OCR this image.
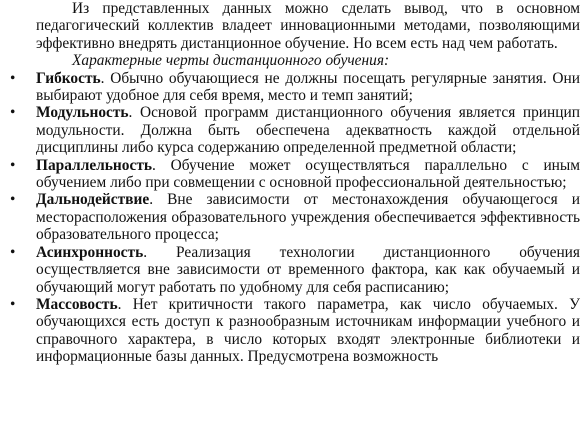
Из представленных данных можно сделать вывод, что в основном педагогический коллектив владеет инновационными методами, позволяющими эффективно внедрять дистанционное обучение. Но всем есть над чем работать.

Характерные черты дистанционного обучения:

• Гибкость. Обычно обучающиеся не должны посещать регулярные занятия. Они выбирают удобное для себя время, место и темп занятий;
• Модульность. Основой программ дистанционного обучения является принцип модульности. Должна быть обеспечена адекватность каждой отдельной дисциплины либо курса содержанию определенной предметной области;
• Параллельность. Обучение может осуществляться параллельно с иным обучением либо при совмещении с основной профессиональной деятельностью;
• Дальнодействие. Вне зависимости от местонахождения обучающегося и месторасположения образовательного учреждения обеспечивается эффективность образовательного процесса;
• Асинхронность. Реализация технологии дистанционного обучения осуществляется вне зависимости от временного фактора, как как обучаемый и обучающий могут работать по удобному для себя расписанию;
• Массовость. Нет критичности такого параметра, как число обучаемых. У обучающихся есть доступ к разнообразным источникам информации учебного и справочного характера, в число которых входят электронные библиотеки и информационные базы данных. Предусмотрена возможность
